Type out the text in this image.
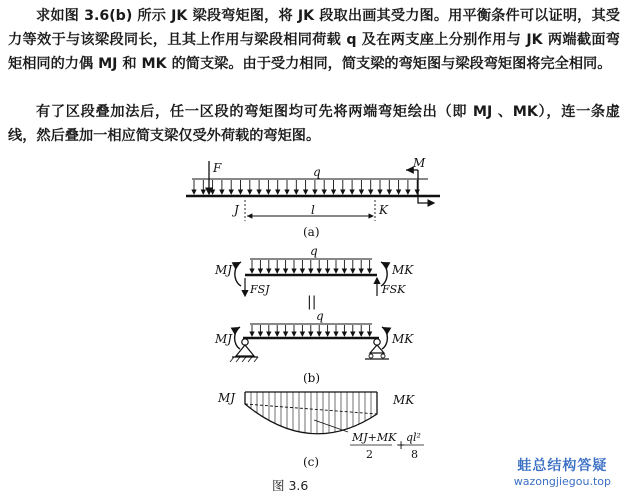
求如图 3.6(b) 所示 JK 梁段弯矩图，将 JK 段取出画其受力图。用平衡条件可以证明，其受力等效于与该梁段同长，且其上作用与梁段相同荷载 q 及在两支座上分别作用与 JK 两端截面弯矩相同的力偶 MJ 和 MK 的简支梁。由于受力相同，简支梁的弯矩图与梁段弯矩图将完全相同。

有了区段叠加法后，任一区段的弯矩图均可先将两端弯矩绘出（即 MJ 、MK），连一条虚线，然后叠加一相应简支梁仅受外荷载的弯矩图。

F	q
M
J	K
l
(a)
q
MJ	MK
FSJ	FSK
||
q
MJ	MK
(b)
MJ	MK
MJ+MK
2
+
ql²
8
(c)
图 3.6
蛙总结构答疑
wazongjiegou.top
